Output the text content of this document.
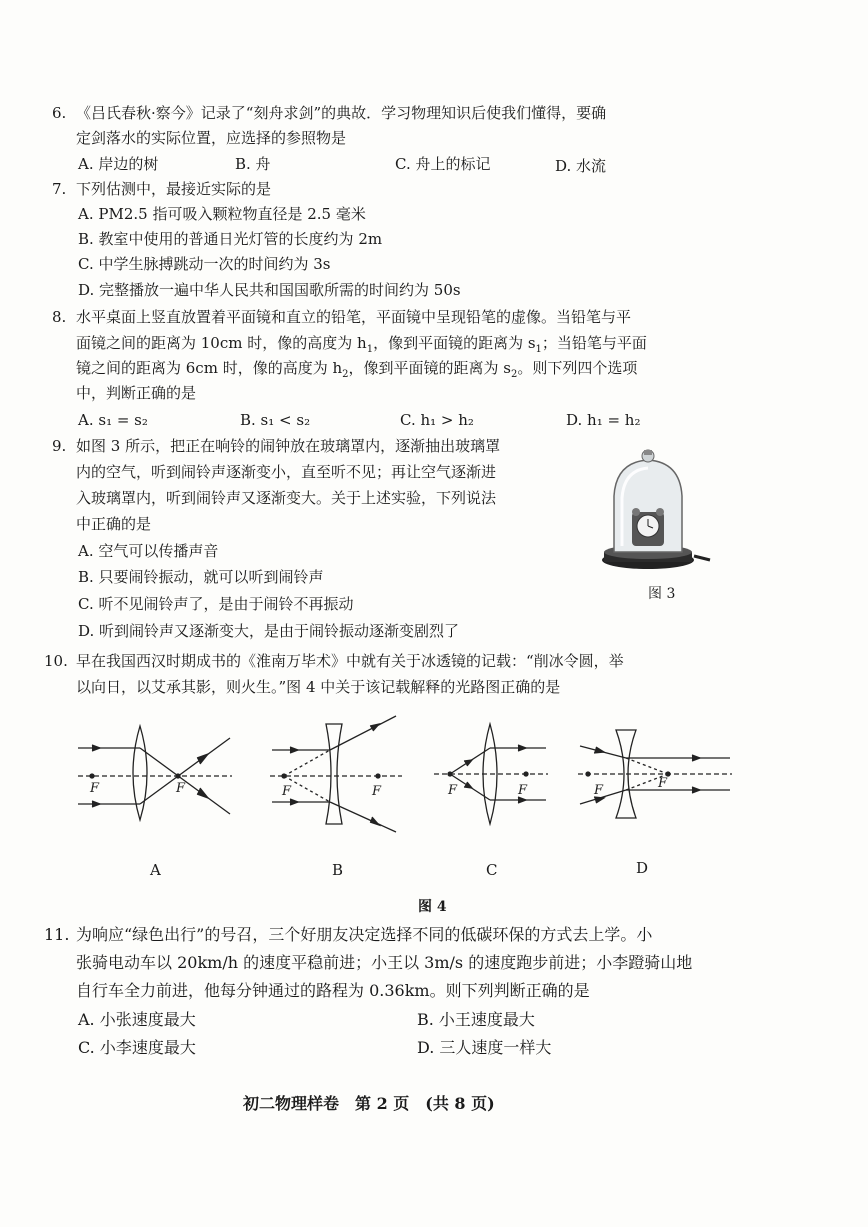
6. 《吕氏春秋·察今》记录了“刻舟求剑”的典故．学习物理知识后使我们懂得，要确
定剑落水的实际位置，应选择的参照物是
A. 岸边的树	B. 舟	C. 舟上的标记	D. 水流
7. 下列估测中，最接近实际的是
A. PM2.5 指可吸入颗粒物直径是 2.5 毫米
B. 教室中使用的普通日光灯管的长度约为 2m
C. 中学生脉搏跳动一次的时间约为 3s
D. 完整播放一遍中华人民共和国国歌所需的时间约为 50s
8. 水平桌面上竖直放置着平面镜和直立的铅笔，平面镜中呈现铅笔的虚像。当铅笔与平
面镜之间的距离为 10cm 时，像的高度为 $h_1$，像到平面镜的距离为 $s_1$；当铅笔与平面
镜之间的距离为 6cm 时，像的高度为 $h_2$，像到平面镜的距离为 $s_2$。则下列四个选项
中，判断正确的是
A. s₁ = s₂	B. s₁ < s₂	C. h₁ > h₂	D. h₁ = h₂
9. 如图 3 所示，把正在响铃的闹钟放在玻璃罩内，逐渐抽出玻璃罩
内的空气，听到闹铃声逐渐变小，直至听不见；再让空气逐渐进
入玻璃罩内，听到闹铃声又逐渐变大。关于上述实验，下列说法
中正确的是
A. 空气可以传播声音
B. 只要闹铃振动，就可以听到闹铃声
C. 听不见闹铃声了，是由于闹铃不再振动
D. 听到闹铃声又逐渐变大，是由于闹铃振动逐渐变剧烈了
图 3
10. 早在我国西汉时期成书的《淮南万毕术》中就有关于冰透镜的记载：“削冰令圆，举
以向日，以艾承其影，则火生。”图 4 中关于该记载解释的光路图正确的是
F	F
A
F	F
B
F	F
C
F	F
D
图 4
11. 为响应“绿色出行”的号召，三个好朋友决定选择不同的低碳环保的方式去上学。小
张骑电动车以 20km/h 的速度平稳前进；小王以 3m/s 的速度跑步前进；小李蹬骑山地
自行车全力前进，他每分钟通过的路程为 0.36km。则下列判断正确的是
A. 小张速度最大	B. 小王速度最大
C. 小李速度最大	D. 三人速度一样大
初二物理样卷　第 2 页　(共 8 页)
